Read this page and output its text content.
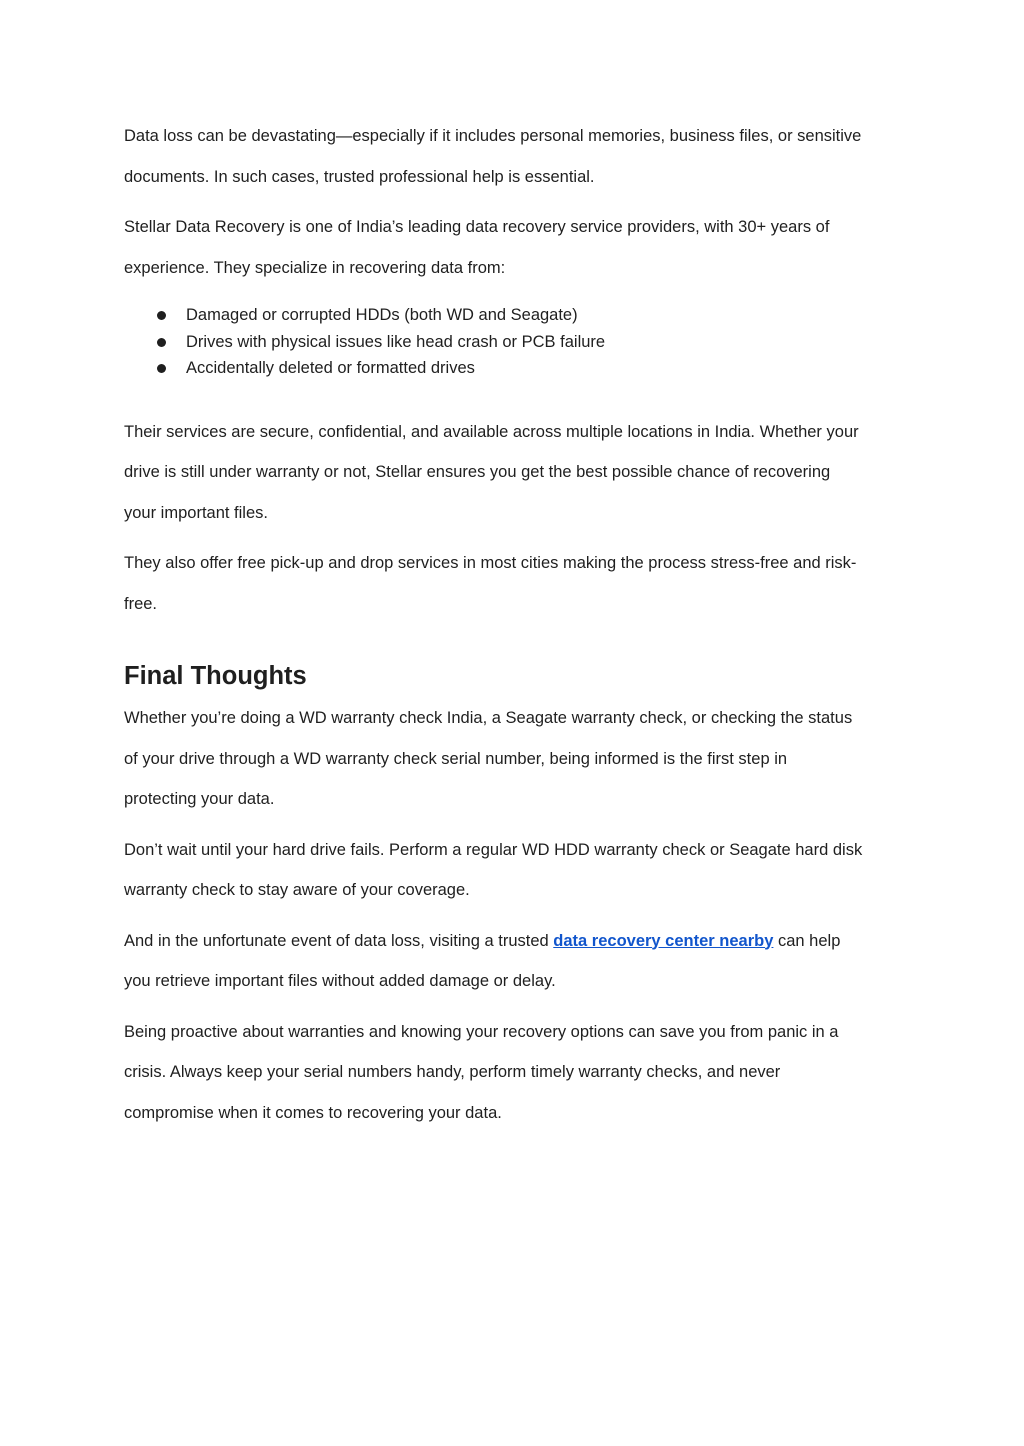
Data loss can be devastating—especially if it includes personal memories, business files, or sensitive documents. In such cases, trusted professional help is essential.

Stellar Data Recovery is one of India’s leading data recovery service providers, with 30+ years of experience. They specialize in recovering data from:

Damaged or corrupted HDDs (both WD and Seagate)
Drives with physical issues like head crash or PCB failure
Accidentally deleted or formatted drives

Their services are secure, confidential, and available across multiple locations in India. Whether your drive is still under warranty or not, Stellar ensures you get the best possible chance of recovering your important files.

They also offer free pick-up and drop services in most cities making the process stress-free and risk-free.

Final Thoughts

Whether you’re doing a WD warranty check India, a Seagate warranty check, or checking the status of your drive through a WD warranty check serial number, being informed is the first step in protecting your data.

Don’t wait until your hard drive fails. Perform a regular WD HDD warranty check or Seagate hard disk warranty check to stay aware of your coverage.

And in the unfortunate event of data loss, visiting a trusted data recovery center nearby can help you retrieve important files without added damage or delay.

Being proactive about warranties and knowing your recovery options can save you from panic in a crisis. Always keep your serial numbers handy, perform timely warranty checks, and never compromise when it comes to recovering your data.
